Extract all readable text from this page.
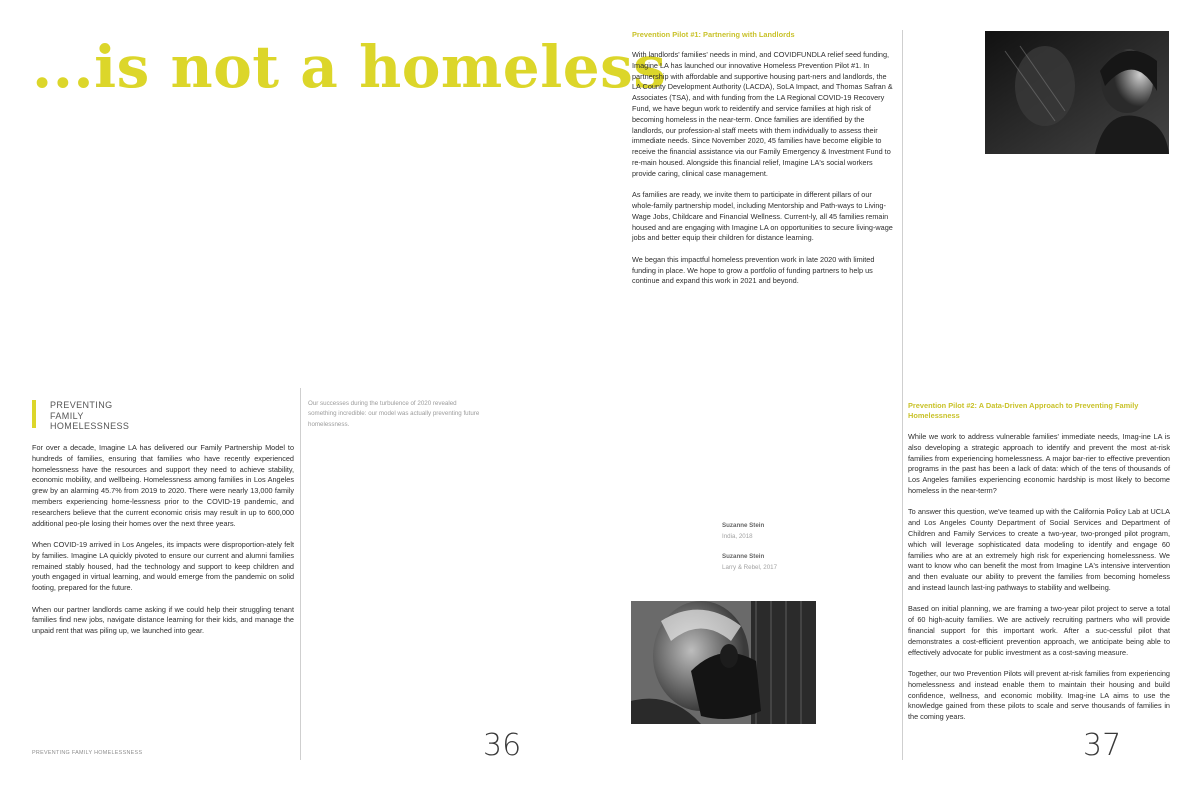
...is not a homeless
PREVENTING
FAMILY
HOMELESSNESS

For over a decade, Imagine LA has delivered our Family Partnership Model to hundreds of families, ensuring that families who have recently experienced homelessness have the resources and support they need to achieve stability, economic mobility, and wellbeing. Homelessness among families in Los Angeles grew by an alarming 45.7% from 2019 to 2020. There were nearly 13,000 family members experiencing home-lessness prior to the COVID-19 pandemic, and researchers believe that the current economic crisis may result in up to 600,000 additional peo-ple losing their homes over the next three years.

When COVID-19 arrived in Los Angeles, its impacts were disproportion-ately felt by families. Imagine LA quickly pivoted to ensure our current and alumni families remained stably housed, had the technology and support to keep children and youth engaged in virtual learning, and would emerge from the pandemic on solid footing, prepared for the future.

When our partner landlords came asking if we could help their struggling tenant families find new jobs, navigate distance learning for their kids, and manage the unpaid rent that was piling up, we launched into gear.

Our successes during the turbulence of 2020 revealed something incredible: our model was actually preventing future homelessness.
PREVENTING FAMILY HOMELESSNESS	36
Prevention Pilot #1: Partnering with Landlords

With landlords' families' needs in mind, and COVIDFUNDLA relief seed funding, Imagine LA has launched our innovative Homeless Prevention Pilot #1. In partnership with affordable and supportive housing part-ners and landlords, the LA County Development Authority (LACDA), SoLA Impact, and Thomas Safran & Associates (TSA), and with funding from the LA Regional COVID-19 Recovery Fund, we have begun work to reidentify and service families at high risk of becoming homeless in the near-term. Once families are identified by the landlords, our profession-al staff meets with them individually to assess their immediate needs. Since November 2020, 45 families have become eligible to receive the financial assistance via our Family Emergency & Investment Fund to re-main housed. Alongside this financial relief, Imagine LA's social workers provide caring, clinical case management.

As families are ready, we invite them to participate in different pillars of our whole-family partnership model, including Mentorship and Path-ways to Living-Wage Jobs, Childcare and Financial Wellness. Current-ly, all 45 families remain housed and are engaging with Imagine LA on opportunities to secure living-wage jobs and better equip their children for distance learning.

We began this impactful homeless prevention work in late 2020 with limited funding in place. We hope to grow a portfolio of funding partners to help us continue and expand this work in 2021 and beyond.

Suzanne Stein
India, 2018
Suzanne Stein
Larry & Rebel, 2017
Prevention Pilot #2: A Data-Driven Approach to Preventing Family Homelessness

While we work to address vulnerable families' immediate needs, Imag-ine LA is also developing a strategic approach to identify and prevent the most at-risk families from experiencing homelessness. A major bar-rier to effective prevention programs in the past has been a lack of data: which of the tens of thousands of Los Angeles families experiencing economic hardship is most likely to become homeless in the near-term?

To answer this question, we've teamed up with the California Policy Lab at UCLA and Los Angeles County Department of Social Services and Department of Children and Family Services to create a two-year, two-pronged pilot program, which will leverage sophisticated data modeling to identify and engage 60 families who are at an extremely high risk for experiencing homelessness. We want to know who can benefit the most from Imagine LA's intensive intervention and then evaluate our ability to prevent the families from becoming homeless and instead launch last-ing pathways to stability and wellbeing.

Based on initial planning, we are framing a two-year pilot project to serve a total of 60 high-acuity families. We are actively recruiting partners who will provide financial support for this important work. After a suc-cessful pilot that demonstrates a cost-efficient prevention approach, we anticipate being able to effectively advocate for public investment as a cost-saving measure.

Together, our two Prevention Pilots will prevent at-risk families from experiencing homelessness and instead enable them to maintain their housing and build confidence, wellness, and economic mobility. Imag-ine LA aims to use the knowledge gained from these pilots to scale and serve thousands of families in the coming years.

37
